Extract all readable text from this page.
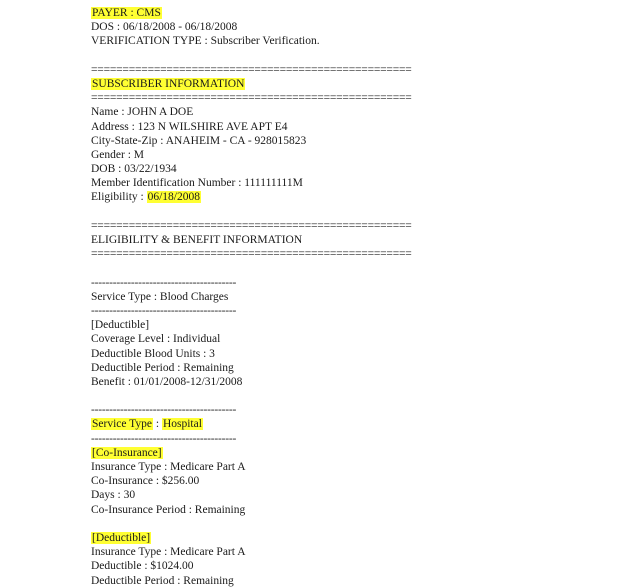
PAYER : CMS
DOS : 06/18/2008 - 06/18/2008
VERIFICATION TYPE : Subscriber Verification.
===================================================
SUBSCRIBER INFORMATION
===================================================
Name : JOHN A DOE
Address : 123 N WILSHIRE AVE APT E4
City-State-Zip : ANAHEIM - CA - 928015823
Gender : M
DOB : 03/22/1934
Member Identification Number : 111111111M
Eligibility : 06/18/2008
===================================================
ELIGIBILITY & BENEFIT INFORMATION
===================================================
----------------------------------------
Service Type : Blood Charges
----------------------------------------
[Deductible]
Coverage Level : Individual
Deductible Blood Units : 3
Deductible Period : Remaining
Benefit : 01/01/2008-12/31/2008
----------------------------------------
Service Type : Hospital
----------------------------------------
[Co-Insurance]
Insurance Type : Medicare Part A
Co-Insurance : $256.00
Days : 30
Co-Insurance Period : Remaining
[Deductible]
Insurance Type : Medicare Part A
Deductible : $1024.00
Deductible Period : Remaining
